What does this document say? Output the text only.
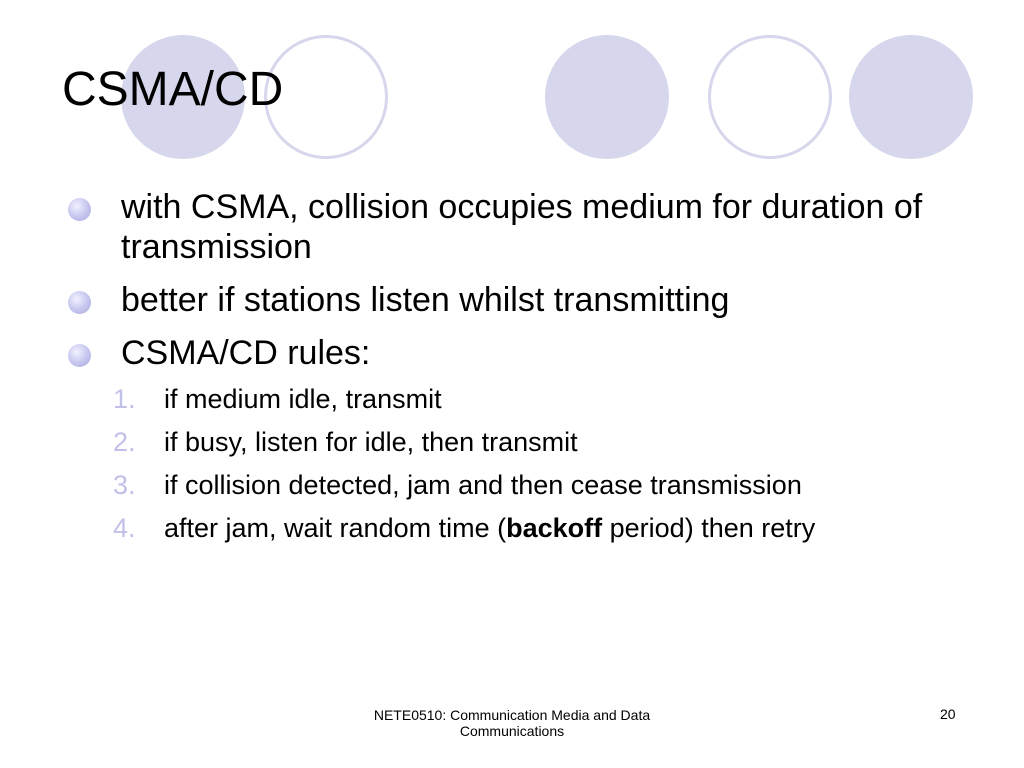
CSMA/CD
with CSMA, collision occupies medium for duration of transmission
better if stations listen whilst transmitting
CSMA/CD rules:
1. if medium idle, transmit
2. if busy, listen for idle, then transmit
3. if collision detected, jam and then cease transmission
4. after jam, wait random time (backoff period) then retry
NETE0510: Communication Media and Data Communications
20
